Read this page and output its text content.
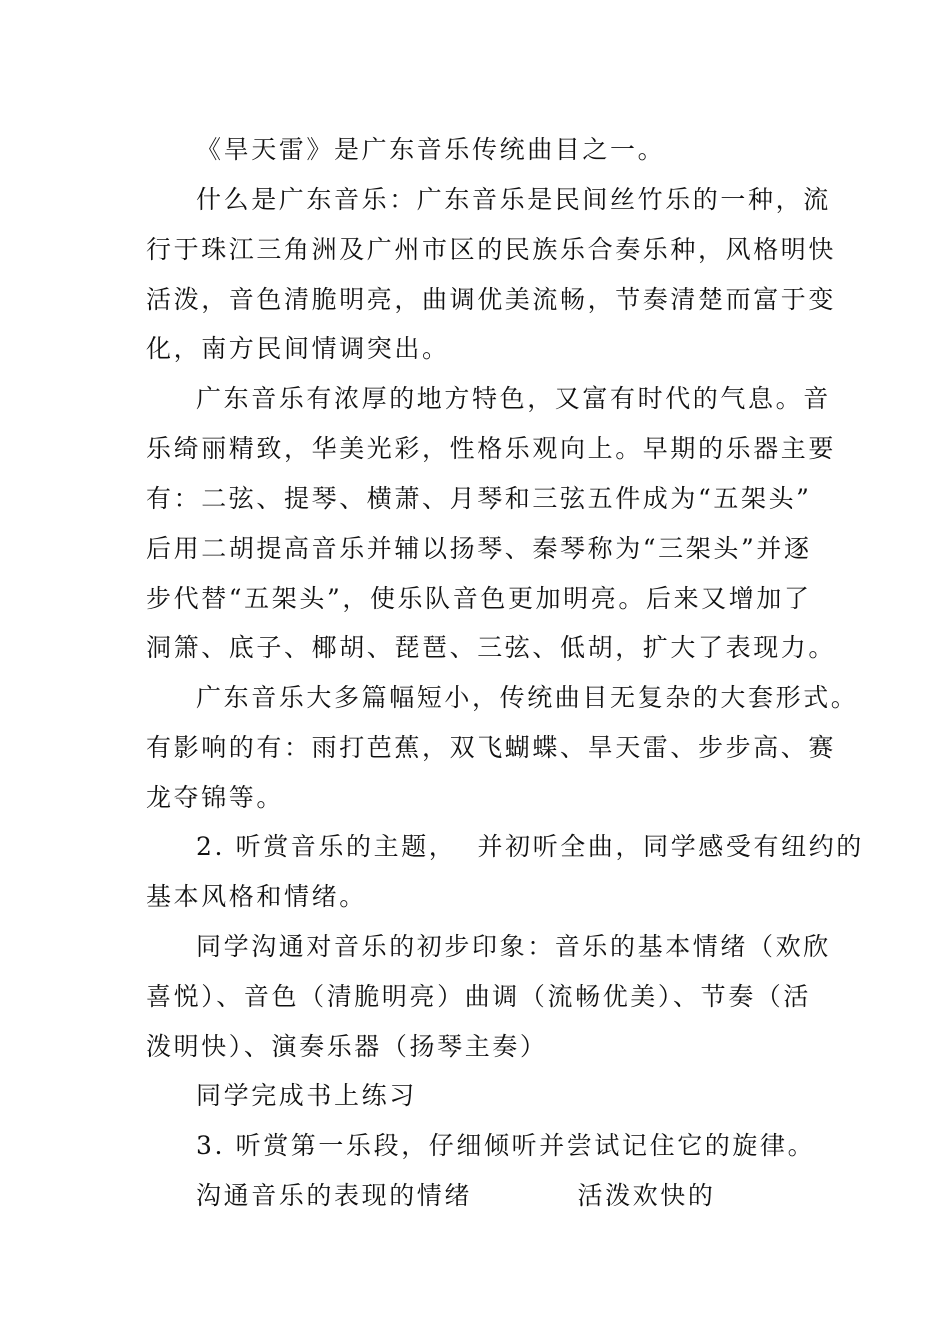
《旱天雷》是广东音乐传统曲目之一。

什么是广东音乐：广东音乐是民间丝竹乐的一种，流

行于珠江三角洲及广州市区的民族乐合奏乐种，风格明快

活泼，音色清脆明亮，曲调优美流畅，节奏清楚而富于变

化，南方民间情调突出。

广东音乐有浓厚的地方特色，又富有时代的气息。音

乐绮丽精致，华美光彩，性格乐观向上。早期的乐器主要

有：二弦、提琴、横萧、月琴和三弦五件成为“五架头”

后用二胡提高音乐并辅以扬琴、秦琴称为“三架头”并逐

步代替“五架头”，使乐队音色更加明亮。后来又增加了

洞箫、底子、椰胡、琵琶、三弦、低胡，扩大了表现力。

广东音乐大多篇幅短小，传统曲目无复杂的大套形式。

有影响的有：雨打芭蕉，双飞蝴蝶、旱天雷、步步高、赛

龙夺锦等。

2. 听赏音乐的主题，  并初听全曲，同学感受有纽约的

基本风格和情绪。

同学沟通对音乐的初步印象：音乐的基本情绪（欢欣

喜悦）、音色（清脆明亮）曲调（流畅优美）、节奏（活

泼明快）、演奏乐器（扬琴主奏）

同学完成书上练习

3. 听赏第一乐段，仔细倾听并尝试记住它的旋律。

沟通音乐的表现的情绪          活泼欢快的
